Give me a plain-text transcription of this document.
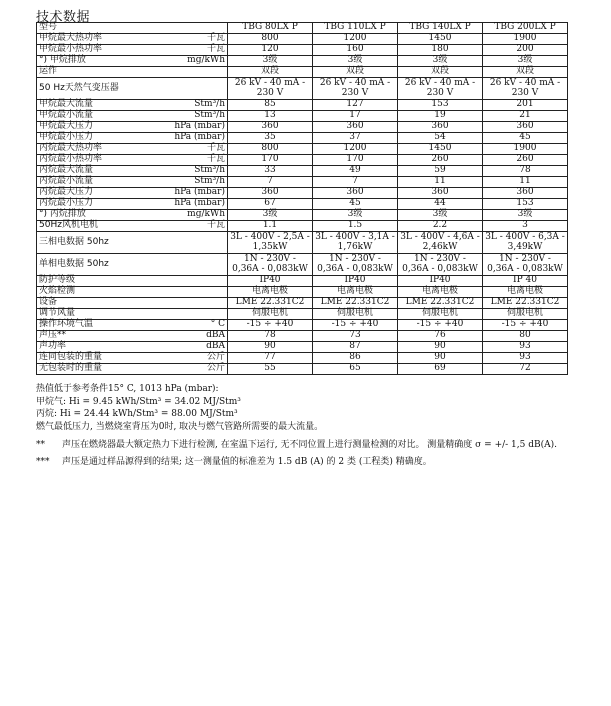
技术数据
型号	TBG 80LX P	TBG 110LX P	TBG 140LX P	TBG 200LX P

甲烷最大热功率 千瓦	800	1200	1450	1900

甲烷最小热功率 千瓦	120	160	180	200

°) 甲烷排放 mg/kWh	3级	3级	3级	3级

运作	双段	双段	双段	双段

50 Hz天然气变压器	26 kV - 40 mA - 230 V	26 kV - 40 mA - 230 V	26 kV - 40 mA - 230 V	26 kV - 40 mA - 230 V

甲烷最大流量 Stm³/h	85	127	153	201

甲烷最小流量 Stm³/h	13	17	19	21

甲烷最大压力 hPa (mbar)	360	360	360	360

甲烷最小压力 hPa (mbar)	35	37	54	45

丙烷最大热功率 千瓦	800	1200	1450	1900

丙烷最小热功率 千瓦	170	170	260	260

丙烷最大流量 Stm³/h	33	49	59	78

丙烷最小流量 Stm³/h	7	7	11	11

丙烷最大压力 hPa (mbar)	360	360	360	360

丙烷最小压力 hPa (mbar)	67	45	44	153

°) 丙烷排放 mg/kWh	3级	3级	3级	3级

50Hz风机电机 千瓦	1.1	1.5	2.2	3

三相电数据 50hz	3L - 400V - 2,5A - 1,35kW	3L - 400V - 3,1A - 1,76kW	3L - 400V - 4,6A - 2,46kW	3L - 400V - 6,3A - 3,49kW

单相电数据 50hz	1N - 230V - 0,36A - 0,083kW	1N - 230V - 0,36A - 0,083kW	1N - 230V - 0,36A - 0,083kW	1N - 230V - 0,36A - 0,083kW

防护等级	IP40	IP40	IP40	IP 40

火焰检测	电离电极	电离电极	电离电极	电离电极

设备	LME 22.331C2	LME 22.331C2	LME 22.331C2	LME 22.331C2

调节风量	伺服电机	伺服电机	伺服电机	伺服电机

操作环境气温 ° C	-15 ÷ +40	-15 ÷ +40	-15 ÷ +40	-15 ÷ +40

声压** dBA	78	73	76	80

声功率 dBA	90	87	90	93

连同包装的重量 公斤	77	86	90	93

无包装时的重量 公斤	55	65	69	72
热值低于参考条件15° C, 1013 hPa (mbar):
甲烷气: Hi = 9.45 kWh/Stm³ = 34.02 MJ/Stm³
丙烷: Hi = 24.44 kWh/Stm³ = 88.00 MJ/Stm³
燃气最低压力, 当燃烧室背压为0时, 取决与燃气管路所需要的最大流量。
**	声压在燃烧器最大额定热力下进行检测, 在室温下运行, 无不同位置上进行测量检测的对比。 测量精确度 σ = +/- 1,5 dB(A).
***	声压是通过样品源得到的结果; 这一测量值的标准差为 1.5 dB (A) 的 2 类 (工程类) 精确度。
